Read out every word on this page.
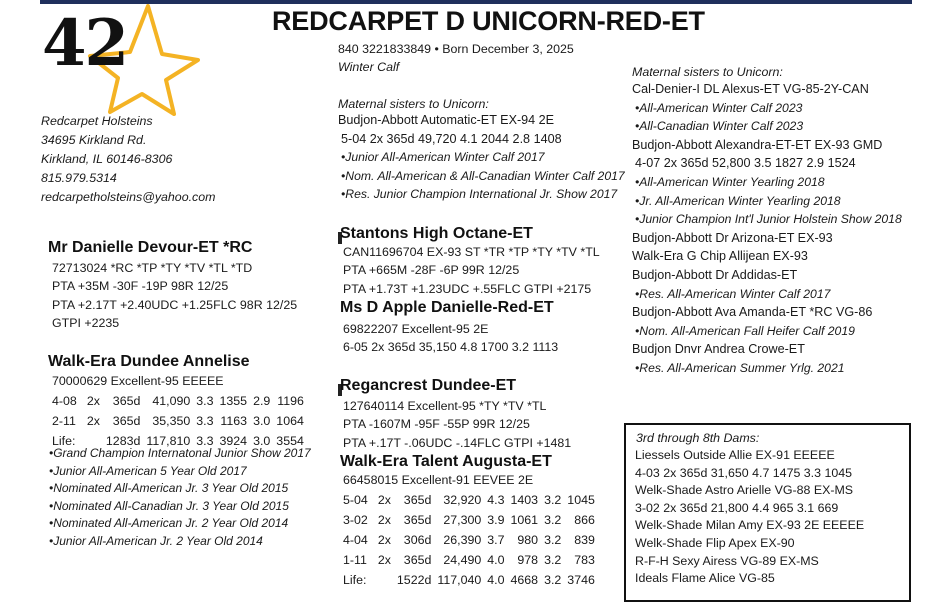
42	REDCARPET D UNICORN-RED-ET
840 3221833849 • Born December 3, 2025
Winter Calf
Redcarpet Holsteins
34695 Kirkland Rd.
Kirkland, IL 60146-8306
815.979.5314
redcarpetholsteins@yahoo.com
Mr Danielle Devour-ET *RC
72713024 *RC *TP *TY *TV *TL *TD
PTA +35M -30F -19P 98R 12/25
PTA +2.17T +2.40UDC +1.25FLC 98R 12/25
GTPI +2235
Walk-Era Dundee Annelise
70000629 Excellent-95 EEEEE
4-08	2x	365d	41,090	3.3	1355	2.9	1196
2-11	2x	365d	35,350	3.3	1163	3.0	1064
Life:		1283d	117,810	3.3	3924	3.0	3554
•Grand Champion Internatonal Junior Show 2017
•Junior All-American 5 Year Old 2017
•Nominated All-American Jr. 3 Year Old 2015
•Nominated All-Canadian Jr. 3 Year Old 2015
•Nominated All-American Jr. 2 Year Old 2014
•Junior All-American Jr. 2 Year Old 2014
Maternal sisters to Unicorn:
Budjon-Abbott Automatic-ET EX-94 2E
5-04 2x 365d 49,720 4.1 2044 2.8 1408
•Junior All-American Winter Calf 2017
•Nom. All-American & All-Canadian Winter Calf 2017
•Res. Junior Champion International Jr. Show 2017
Stantons High Octane-ET
CAN11696704 EX-93 ST *TR *TP *TY *TV *TL
PTA +665M -28F -6P 99R 12/25
PTA +1.73T +1.23UDC +.55FLC GTPI +2175
Ms D Apple Danielle-Red-ET
69822207 Excellent-95 2E
6-05 2x 365d 35,150 4.8 1700 3.2 1113
Regancrest Dundee-ET
127640114 Excellent-95 *TY *TV *TL
PTA -1607M -95F -55P 99R 12/25
PTA +.17T -.06UDC -.14FLC GTPI +1481
Walk-Era Talent Augusta-ET
66458015 Excellent-91 EEVEE 2E
5-04	2x	365d	32,920	4.3	1403	3.2	1045
3-02	2x	365d	27,300	3.9	1061	3.2	866
4-04	2x	306d	26,390	3.7	980	3.2	839
1-11	2x	365d	24,490	4.0	978	3.2	783
Life:		1522d	117,040	4.0	4668	3.2	3746
Maternal sisters to Unicorn:
Cal-Denier-I DL Alexus-ET VG-85-2Y-CAN
•All-American Winter Calf 2023
•All-Canadian Winter Calf 2023
Budjon-Abbott Alexandra-ET-ET EX-93 GMD
4-07 2x 365d 52,800 3.5 1827 2.9 1524
•All-American Winter Yearling 2018
•Jr. All-American Winter Yearling 2018
•Junior Champion Int'l Junior Holstein Show 2018
Budjon-Abbott Dr Arizona-ET EX-93
Walk-Era G Chip Allijean EX-93
Budjon-Abbott Dr Addidas-ET
•Res. All-American Winter Calf 2017
Budjon-Abbott Ava Amanda-ET *RC VG-86
•Nom. All-American Fall Heifer Calf 2019
Budjon Dnvr Andrea Crowe-ET
•Res. All-American Summer Yrlg. 2021
3rd through 8th Dams:
Liessels Outside Allie EX-91 EEEEE
4-03 2x 365d 31,650 4.7 1475 3.3 1045
Welk-Shade Astro Arielle VG-88 EX-MS
3-02 2x 365d 21,800 4.4 965 3.1 669
Welk-Shade Milan Amy EX-93 2E EEEEE
Welk-Shade Flip Apex EX-90
R-F-H Sexy Airess VG-89 EX-MS
Ideals Flame Alice VG-85
